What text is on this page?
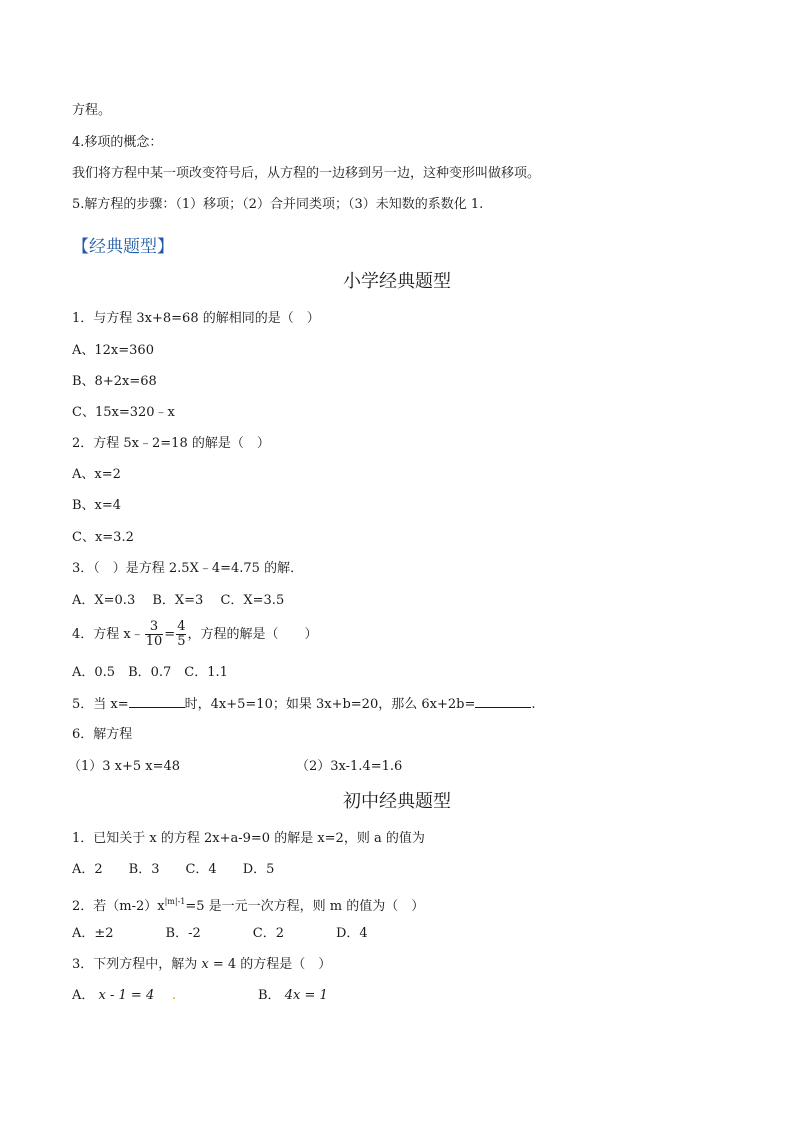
方程。
4.移项的概念：
我们将方程中某一项改变符号后，从方程的一边移到另一边，这种变形叫做移项。
5.解方程的步骤：（1）移项；（2）合并同类项；（3）未知数的系数化 1.
【经典题型】
小学经典题型
1．与方程 3x+8=68 的解相同的是（　）
A、12x=360
B、8+2x=68
C、15x=320﹣x
2．方程 5x﹣2=18 的解是（　）
A、x=2
B、x=4
C、x=3.2
3．（　）是方程 2.5X﹣4=4.75 的解．
A．X=0.3　 B．X=3　 C．X=3.5
4．方程 x﹣ $\frac{3}{10} = \frac{4}{5}$ ，方程的解是（　　）
A．0.5　B．0.7　C．1.1
5．当 x=	时，4x+5=10；如果 3x+b=20，那么 6x+2b=	.
6．解方程
（1）3 x+5 x=48	（2）3x-1.4=1.6
初中经典题型
1．已知关于 x 的方程 2x+a-9=0 的解是 x=2，则 a 的值为
A．2　　B．3　　C．4　　D．5
2．若$(m-2)x^{|m|-1}=5$ 是一元一次方程，则 m 的值为（　）
A．±2　　　　B．-2　　　　C．2　　　　D．4
3．下列方程中，解为 x = 4 的方程是（　）
A． x - 1 = 4 .	B． 4x = 1
